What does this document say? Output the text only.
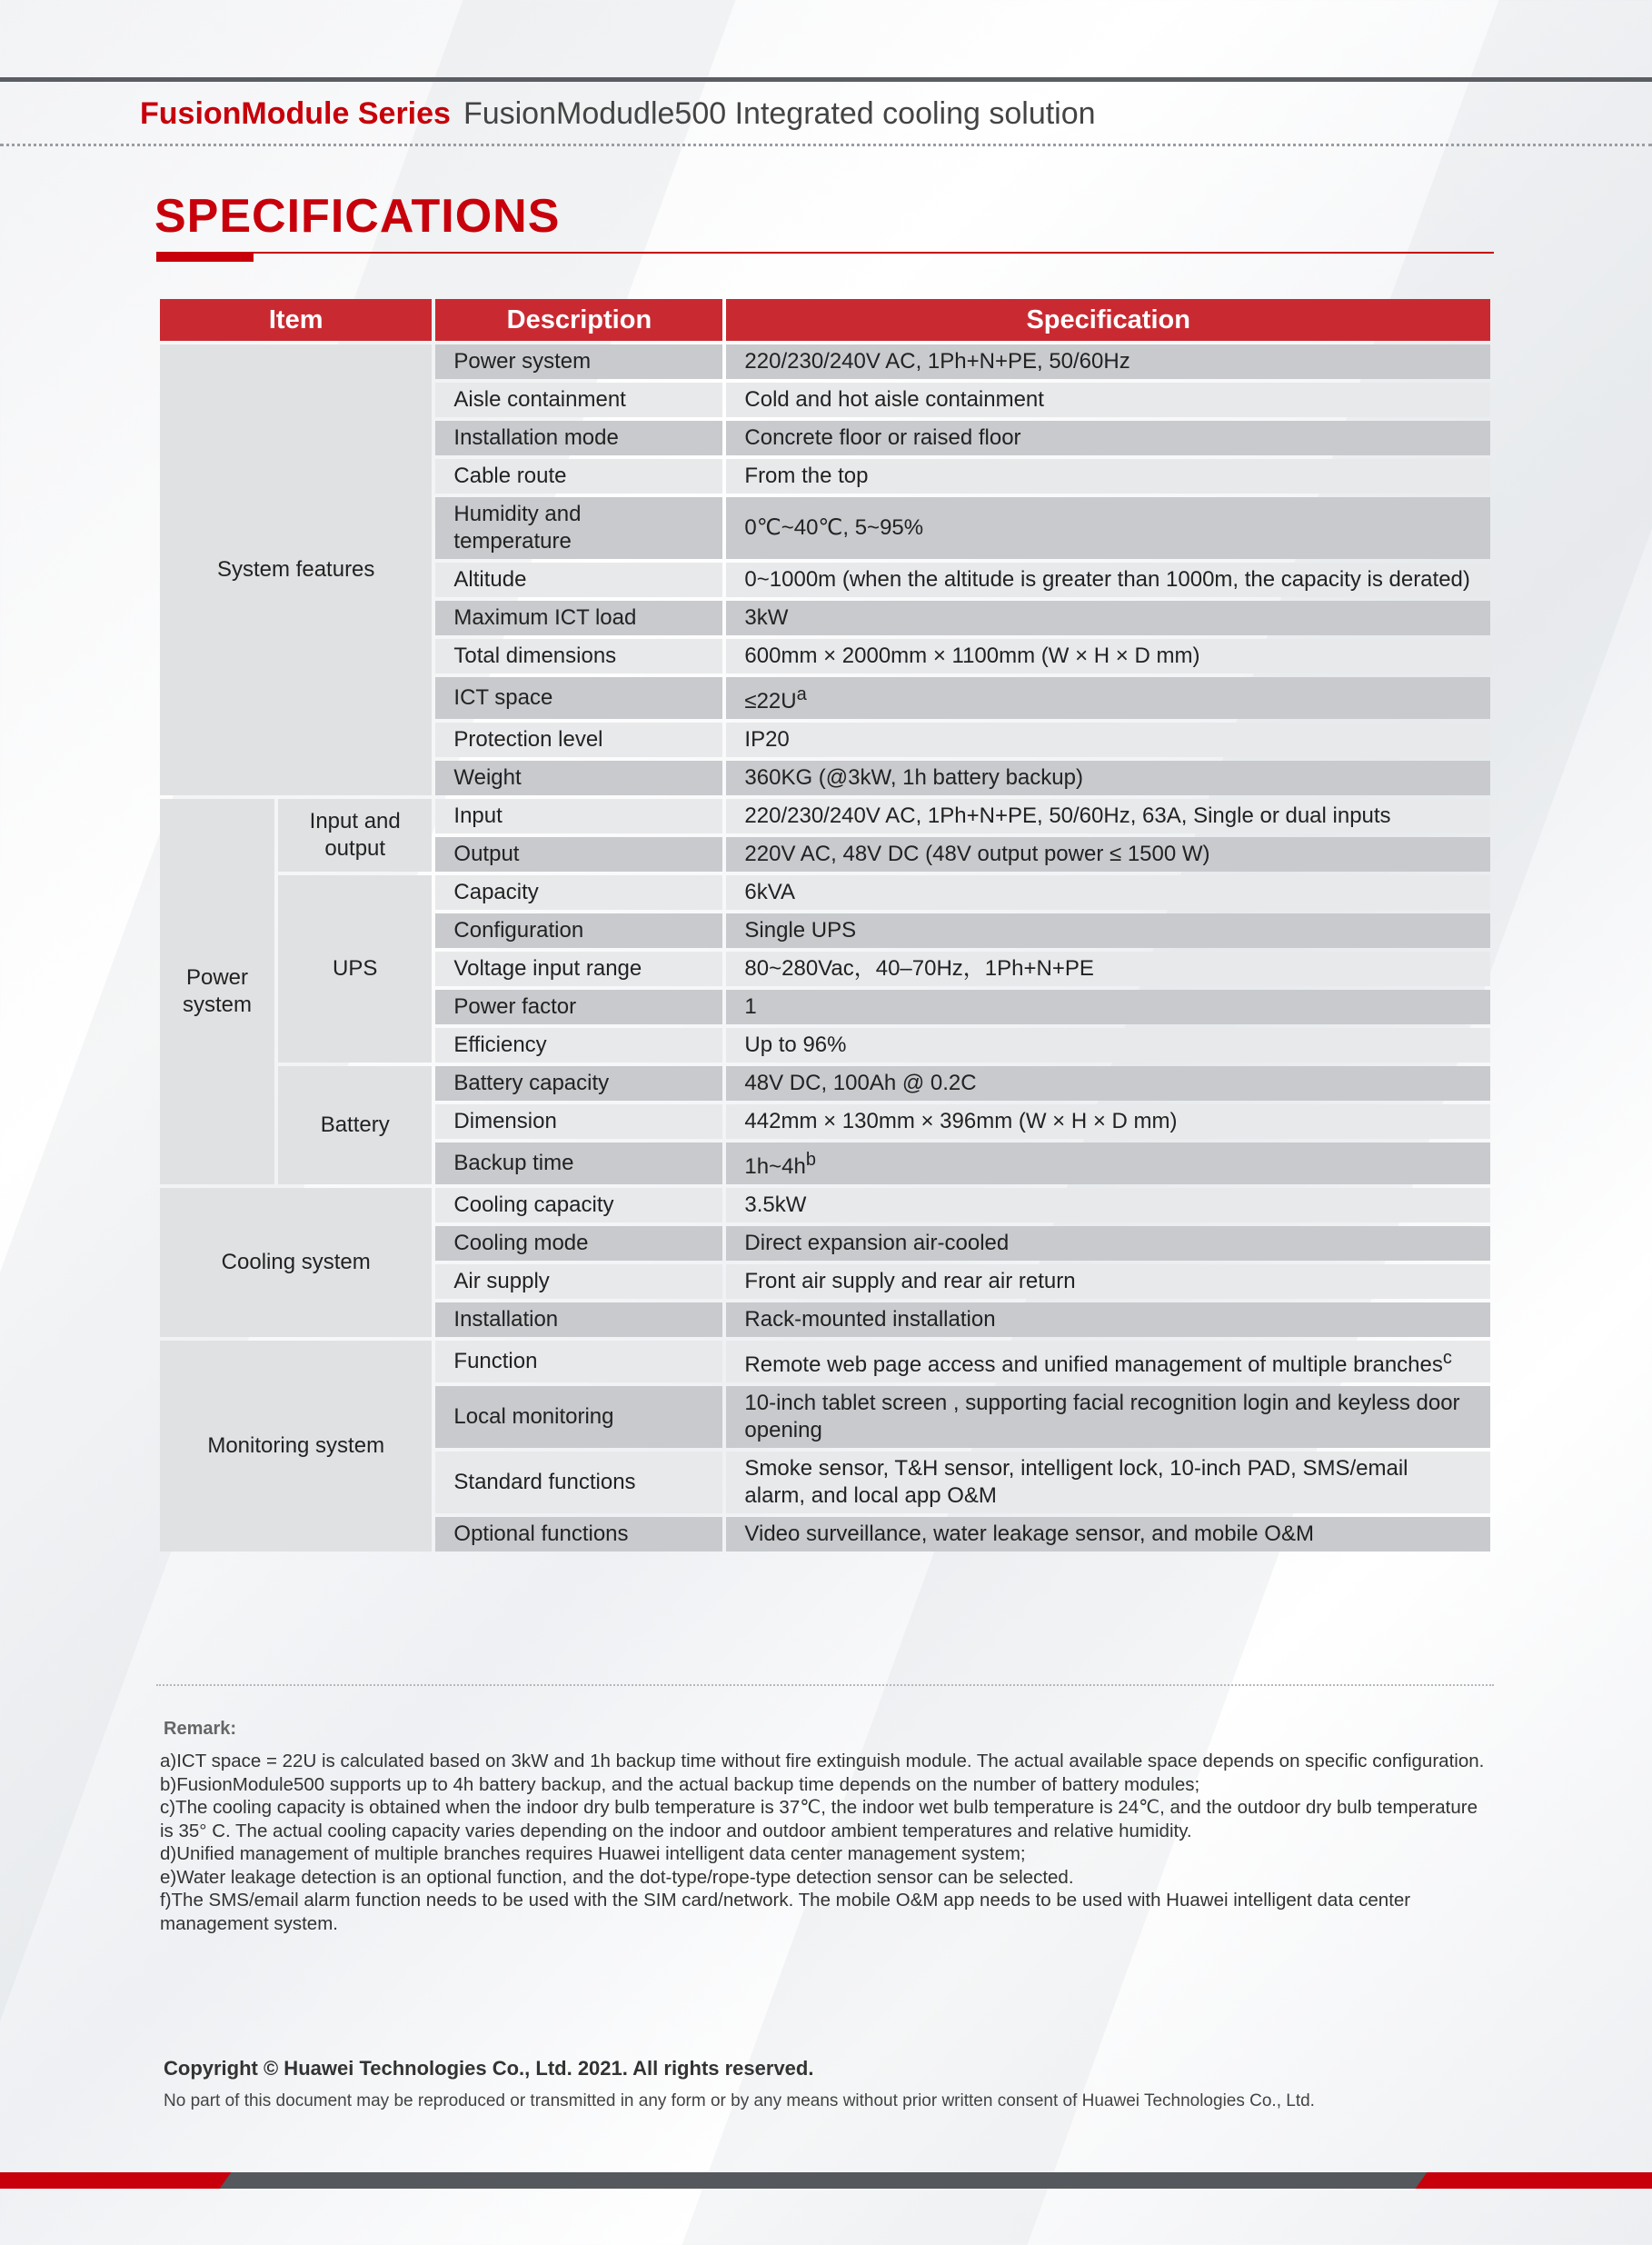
FusionModule Series FusionModudle500 Integrated cooling solution
SPECIFICATIONS
Item		Description	Specification
System features		Power system	220/230/240V AC, 1Ph+N+PE, 50/60Hz
		Aisle containment	Cold and hot aisle containment
		Installation mode	Concrete floor or raised floor
		Cable route	From the top
		Humidity and temperature	0℃~40℃, 5~95%
		Altitude	0~1000m (when the altitude is greater than 1000m, the capacity is derated)
		Maximum ICT load	3kW
		Total dimensions	600mm × 2000mm × 1100mm (W × H × D mm)
		ICT space	$\le 22U^a$
		Protection level	IP20
		Weight	360KG (@3kW, 1h battery backup)
Power system	Input and output	Input	220/230/240V AC, 1Ph+N+PE, 50/60Hz, 63A, Single or dual inputs
		Output	220V AC, 48V DC (48V output power ≤ 1500 W)
	UPS	Capacity	6kVA
		Configuration	Single UPS
		Voltage input range	80~280Vac，40–70Hz，1Ph+N+PE
		Power factor	1
		Efficiency	Up to 96%
	Battery	Battery capacity	48V DC, 100Ah @ 0.2C
		Dimension	442mm × 130mm × 396mm (W × H × D mm)
		Backup time	$1h\sim 4h^b$
Cooling system		Cooling capacity	3.5kW
		Cooling mode	Direct expansion air-cooled
		Air supply	Front air supply and rear air return
		Installation	Rack-mounted installation
Monitoring system		Function	Remote web page access and unified management of multiple branches$^c$
		Local monitoring	10-inch tablet screen , supporting facial recognition login and keyless door opening
		Standard functions	Smoke sensor, T&H sensor, intelligent lock, 10-inch PAD, SMS/email alarm, and local app O&M
		Optional functions	Video surveillance, water leakage sensor, and mobile O&M
Remark:

a)ICT space = 22U is calculated based on 3kW and 1h backup time without fire extinguish module. The actual available space depends on specific configuration.

b)FusionModule500 supports up to 4h battery backup, and the actual backup time depends on the number of battery modules;

c)The cooling capacity is obtained when the indoor dry bulb temperature is 37℃, the indoor wet bulb temperature is 24℃, and the outdoor dry bulb temperature is 35° C. The actual cooling capacity varies depending on the indoor and outdoor ambient temperatures and relative humidity.

d)Unified management of multiple branches requires Huawei intelligent data center management system;

e)Water leakage detection is an optional function, and the dot-type/rope-type detection sensor can be selected.

f)The SMS/email alarm function needs to be used with the SIM card/network. The mobile O&M app needs to be used with Huawei intelligent data center management system.

Copyright © Huawei Technologies Co., Ltd. 2021. All rights reserved.
No part of this document may be reproduced or transmitted in any form or by any means without prior written consent of Huawei Technologies Co., Ltd.
